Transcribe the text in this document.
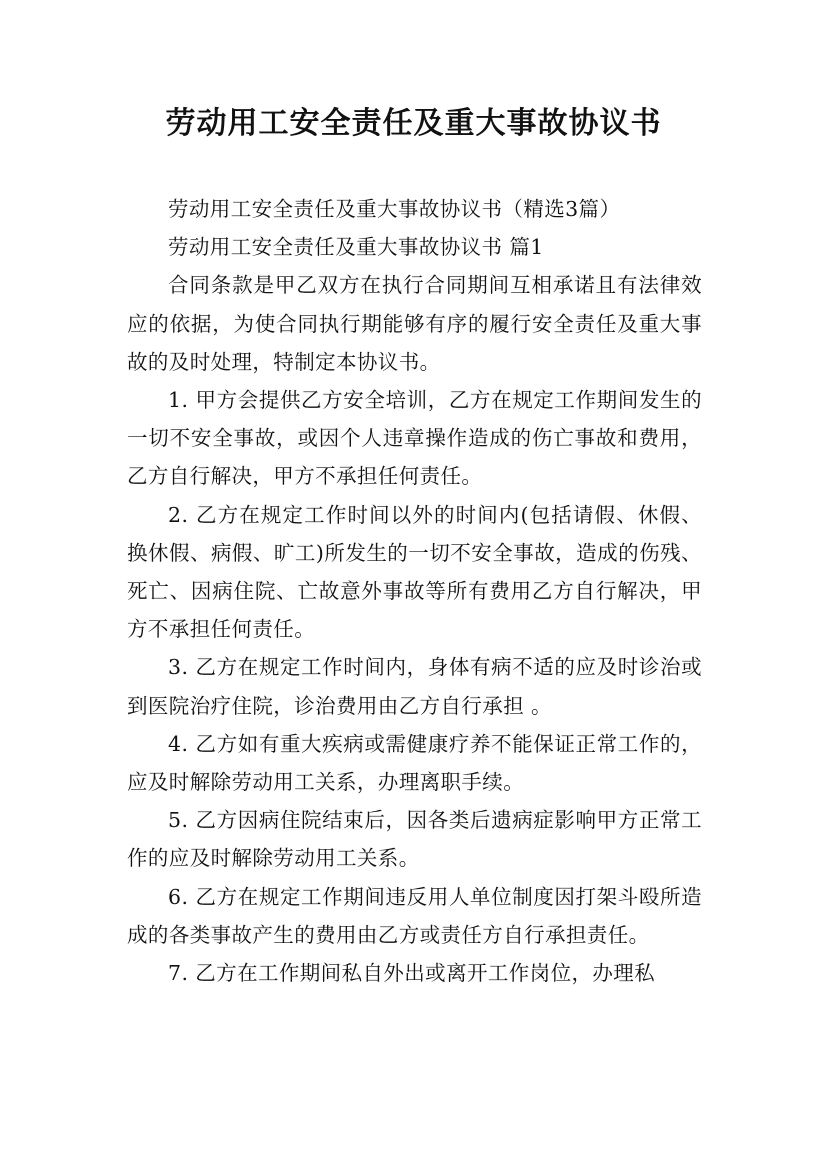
劳动用工安全责任及重大事故协议书

劳动用工安全责任及重大事故协议书（精选3篇）

劳动用工安全责任及重大事故协议书 篇1

合同条款是甲乙双方在执行合同期间互相承诺且有法律效应的依据，为使合同执行期能够有序的履行安全责任及重大事故的及时处理，特制定本协议书。

1. 甲方会提供乙方安全培训，乙方在规定工作期间发生的一切不安全事故，或因个人违章操作造成的伤亡事故和费用，乙方自行解决，甲方不承担任何责任。

2. 乙方在规定工作时间以外的时间内(包括请假、休假、换休假、病假、旷工)所发生的一切不安全事故，造成的伤残、死亡、因病住院、亡故意外事故等所有费用乙方自行解决，甲方不承担任何责任。

3. 乙方在规定工作时间内，身体有病不适的应及时诊治或到医院治疗住院，诊治费用由乙方自行承担 。

4. 乙方如有重大疾病或需健康疗养不能保证正常工作的，应及时解除劳动用工关系，办理离职手续。

5. 乙方因病住院结束后，因各类后遗病症影响甲方正常工作的应及时解除劳动用工关系。

6. 乙方在规定工作期间违反用人单位制度因打架斗殴所造成的各类事故产生的费用由乙方或责任方自行承担责任。

7. 乙方在工作期间私自外出或离开工作岗位，办理私
